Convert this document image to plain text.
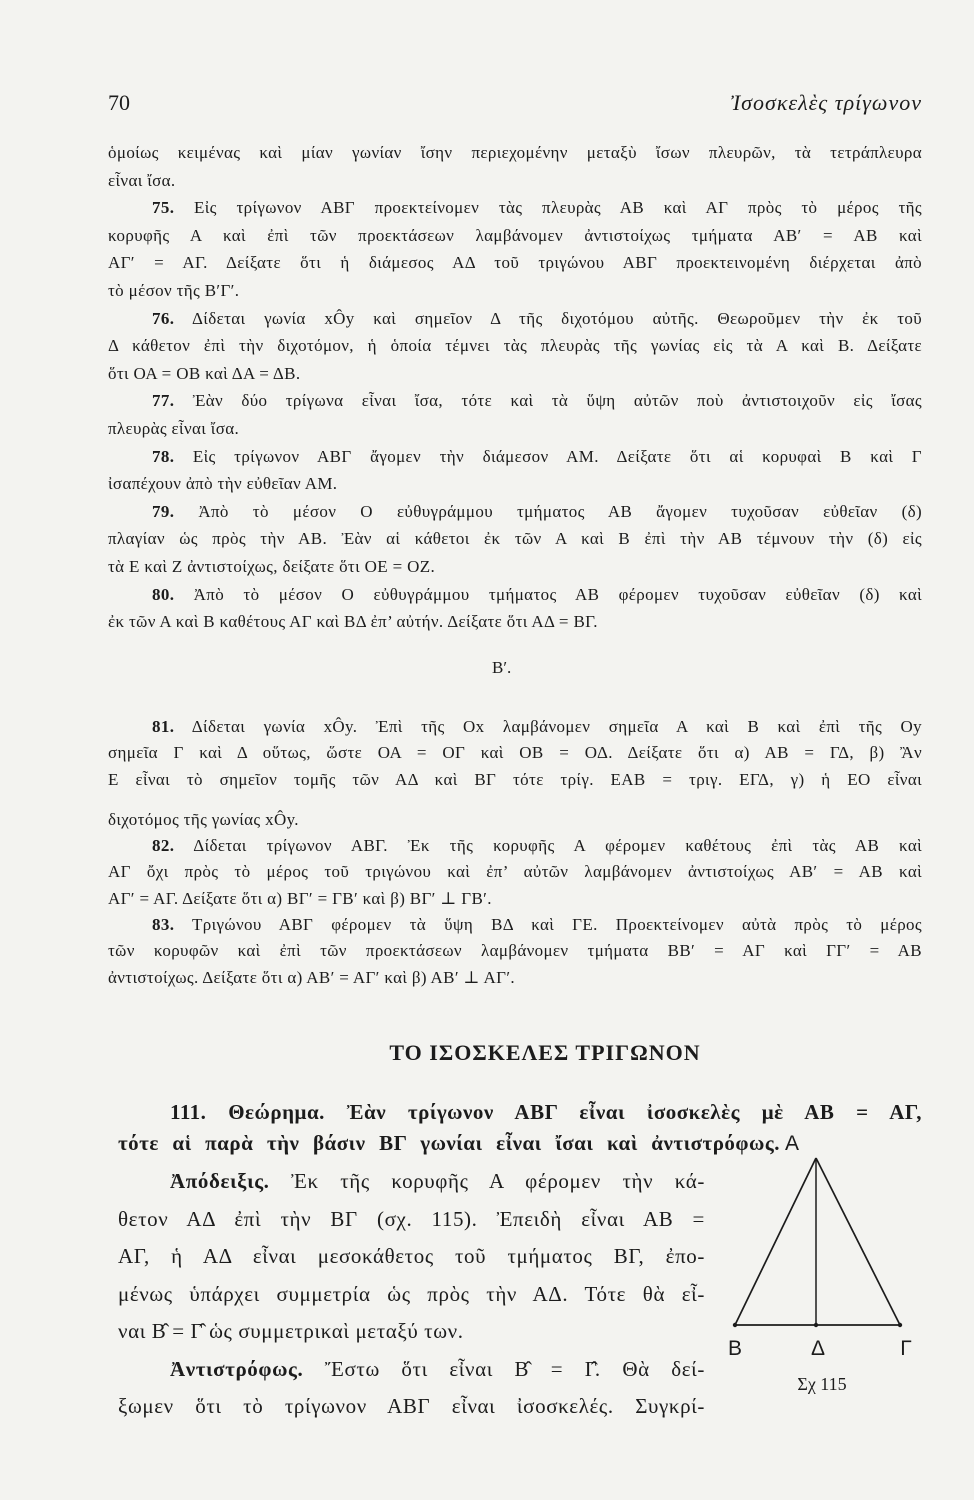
70	Ἰσοσκελὲς τρίγωνον
ὁμοίως κειμένας καὶ μίαν γωνίαν ἴσην περιεχομένην μεταξὺ ἴσων πλευρῶν, τὰ τετράπλευρα
εἶναι ἴσα.
75. Εἰς τρίγωνον ΑΒΓ προεκτείνομεν τὰς πλευρὰς ΑΒ καὶ ΑΓ πρὸς τὸ μέρος τῆς
κορυφῆς Α καὶ ἐπὶ τῶν προεκτάσεων λαμβάνομεν ἀντιστοίχως τμήματα ΑΒ′ = ΑΒ καὶ
ΑΓ′ = ΑΓ. Δείξατε ὅτι ἡ διάμεσος ΑΔ τοῦ τριγώνου ΑΒΓ προεκτεινομένη διέρχεται ἀπὸ
τὸ μέσον τῆς Β′Γ′.
76. Δίδεται γωνία xÔy καὶ σημεῖον Δ τῆς διχοτόμου αὐτῆς. Θεωροῦμεν τὴν ἐκ τοῦ
Δ κάθετον ἐπὶ τὴν διχοτόμον, ἡ ὁποία τέμνει τὰς πλευρὰς τῆς γωνίας εἰς τὰ Α καὶ Β. Δείξατε
ὅτι ΟΑ = ΟΒ καὶ ΔΑ = ΔΒ.
77. Ἐὰν δύο τρίγωνα εἶναι ἴσα, τότε καὶ τὰ ὕψη αὐτῶν ποὺ ἀντιστοιχοῦν εἰς ἴσας
πλευρὰς εἶναι ἴσα.
78. Εἰς τρίγωνον ΑΒΓ ἄγομεν τὴν διάμεσον ΑΜ. Δείξατε ὅτι αἱ κορυφαὶ Β καὶ Γ
ἰσαπέχουν ἀπὸ τὴν εὐθεῖαν ΑΜ.
79. Ἀπὸ τὸ μέσον Ο εὐθυγράμμου τμήματος ΑΒ ἄγομεν τυχοῦσαν εὐθεῖαν (δ)
πλαγίαν ὡς πρὸς τὴν ΑΒ. Ἐὰν αἱ κάθετοι ἐκ τῶν Α καὶ Β ἐπὶ τὴν ΑΒ τέμνουν τὴν (δ) εἰς
τὰ Ε καὶ Ζ ἀντιστοίχως, δείξατε ὅτι ΟΕ = ΟΖ.
80. Ἀπὸ τὸ μέσον Ο εὐθυγράμμου τμήματος ΑΒ φέρομεν τυχοῦσαν εὐθεῖαν (δ) καὶ
ἐκ τῶν Α καὶ Β καθέτους ΑΓ καὶ ΒΔ ἐπ’ αὐτήν. Δείξατε ὅτι ΑΔ = ΒΓ.
Β′.
81. Δίδεται γωνία xÔy. Ἐπὶ τῆς Οx λαμβάνομεν σημεῖα Α καὶ Β καὶ ἐπὶ τῆς Οy
σημεῖα Γ καὶ Δ οὕτως, ὥστε ΟΑ = ΟΓ καὶ ΟΒ = ΟΔ. Δείξατε ὅτι α) ΑΒ = ΓΔ, β) Ἂν
Ε εἶναι τὸ σημεῖον τομῆς τῶν ΑΔ καὶ ΒΓ τότε τρίγ. ΕΑΒ = τριγ. ΕΓΔ, γ) ἡ ΕΟ εἶναι
διχοτόμος τῆς γωνίας xÔy.
82. Δίδεται τρίγωνον ΑΒΓ. Ἐκ τῆς κορυφῆς Α φέρομεν καθέτους ἐπὶ τὰς ΑΒ καὶ
ΑΓ ὄχι πρὸς τὸ μέρος τοῦ τριγώνου καὶ ἐπ’ αὐτῶν λαμβάνομεν ἀντιστοίχως ΑΒ′ = ΑΒ καὶ
ΑΓ′ = ΑΓ. Δείξατε ὅτι α) ΒΓ′ = ΓΒ′ καὶ β) ΒΓ′ ⊥ ΓΒ′.
83. Τριγώνου ΑΒΓ φέρομεν τὰ ὕψη ΒΔ καὶ ΓΕ. Προεκτείνομεν αὐτὰ πρὸς τὸ μέρος
τῶν κορυφῶν καὶ ἐπὶ τῶν προεκτάσεων λαμβάνομεν τμήματα ΒΒ′ = ΑΓ καὶ ΓΓ′ = ΑΒ
ἀντιστοίχως. Δείξατε ὅτι α) ΑΒ′ = ΑΓ′ καὶ β) ΑΒ′ ⊥ ΑΓ′.
ΤΟ ΙΣΟΣΚΕΛΕΣ ΤΡΙΓΩΝΟΝ
111. Θεώρημα. Ἐὰν τρίγωνον ΑΒΓ εἶναι ἰσοσκελὲς μὲ ΑΒ = ΑΓ,
τότε αἱ παρὰ τὴν βάσιν ΒΓ γωνίαι εἶναι ἴσαι καὶ ἀντιστρόφως.
Ἀπόδειξις. Ἐκ τῆς κορυφῆς Α φέρομεν τὴν κά-
θετον ΑΔ ἐπὶ τὴν ΒΓ (σχ. 115). Ἐπειδὴ εἶναι ΑΒ =
ΑΓ, ἡ ΑΔ εἶναι μεσοκάθετος τοῦ τμήματος ΒΓ, ἐπο-
μένως ὑπάρχει συμμετρία ὡς πρὸς τὴν ΑΔ. Τότε θὰ εἶ-
ναι Β̂ = Γ̂ ὡς συμμετρικαὶ μεταξύ των.
Ἀντιστρόφως. Ἔστω ὅτι εἶναι Β̂ = Γ̂. Θὰ δεί-
ξωμεν ὅτι τὸ τρίγωνον ΑΒΓ εἶναι ἰσοσκελές. Συγκρί-
Α
Β	Δ	Γ
Σχ 115
